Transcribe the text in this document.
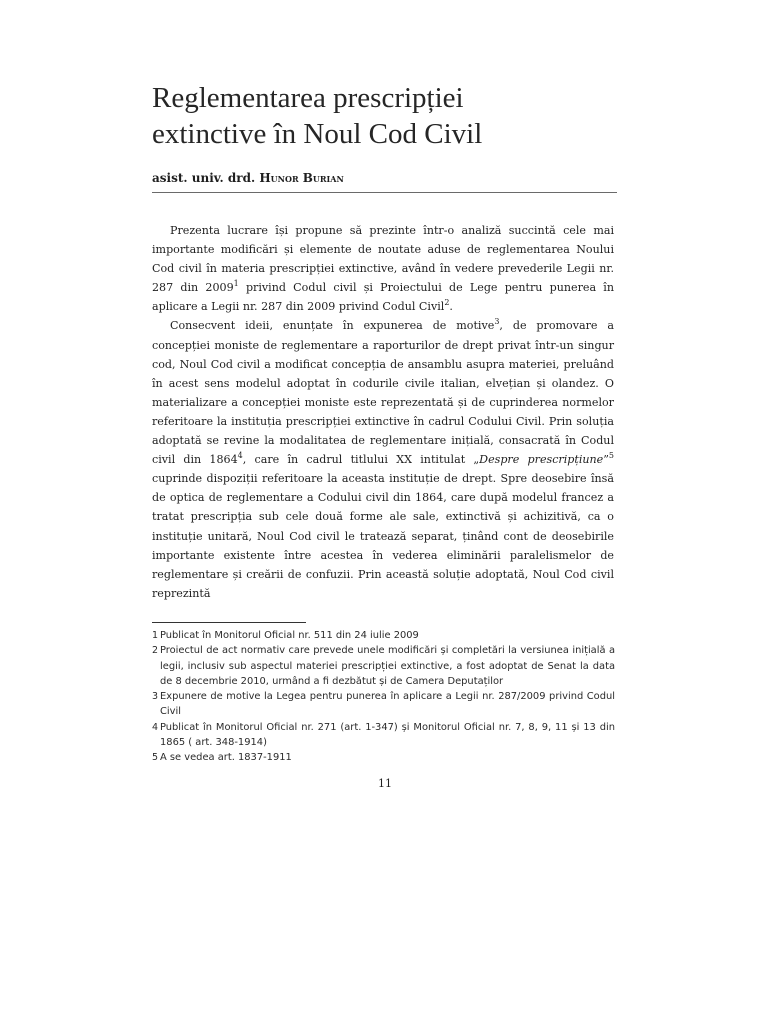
Reglementarea prescripției
extinctive în Noul Cod Civil
asist. univ. drd. Hunor Burian

Prezenta lucrare își propune să prezinte într-o analiză succintă cele mai importante modificări și elemente de noutate aduse de reglementarea Noului Cod civil în materia prescripției extinctive, având în vedere prevederile Legii nr. 287 din 2009$^1$ privind Codul civil și Proiectului de Lege pentru punerea în aplicare a Legii nr. 287 din 2009 privind Codul Civil$^2$.

Consecvent ideii, enunțate în expunerea de motive$^3$, de promovare a concepției moniste de reglementare a raporturilor de drept privat într-un singur cod, Noul Cod civil a modificat concepția de ansamblu asupra materiei, preluând în acest sens modelul adoptat în codurile civile italian, elvețian și olandez. O materializare a concepției moniste este reprezentată și de cuprinderea normelor referitoare la instituția prescripției extinctive în cadrul Codului Civil. Prin soluția adoptată se revine la modalitatea de reglementare inițială, consacrată în Codul civil din 1864$^4$, care în cadrul titlului XX intitulat „Despre prescripțiune”$^5$ cuprinde dispoziții referitoare la aceasta instituție de drept. Spre deosebire însă de optica de reglementare a Codului civil din 1864, care după modelul francez a tratat prescripția sub cele două forme ale sale, extinctivă și achizitivă, ca o instituție unitară, Noul Cod civil le tratează separat, ținând cont de deosebirile importante existente între acestea în vederea eliminării paralelismelor de reglementare și creării de confuzii. Prin această soluție adoptată, Noul Cod civil reprezintă

1 Publicat în Monitorul Oficial nr. 511 din 24 iulie 2009
2 Proiectul de act normativ care prevede unele modificări și completări la versiunea inițială a legii, inclusiv sub aspectul materiei prescripției extinctive, a fost adoptat de Senat la data de 8 decembrie 2010, urmând a fi dezbătut și de Camera Deputaților
3 Expunere de motive la Legea pentru punerea în aplicare a Legii nr. 287/2009 privind Codul Civil
4 Publicat în Monitorul Oficial nr. 271 (art. 1-347) și Monitorul Oficial nr. 7, 8, 9, 11 și 13 din 1865 ( art. 348-1914)
5 A se vedea art. 1837-1911
11
